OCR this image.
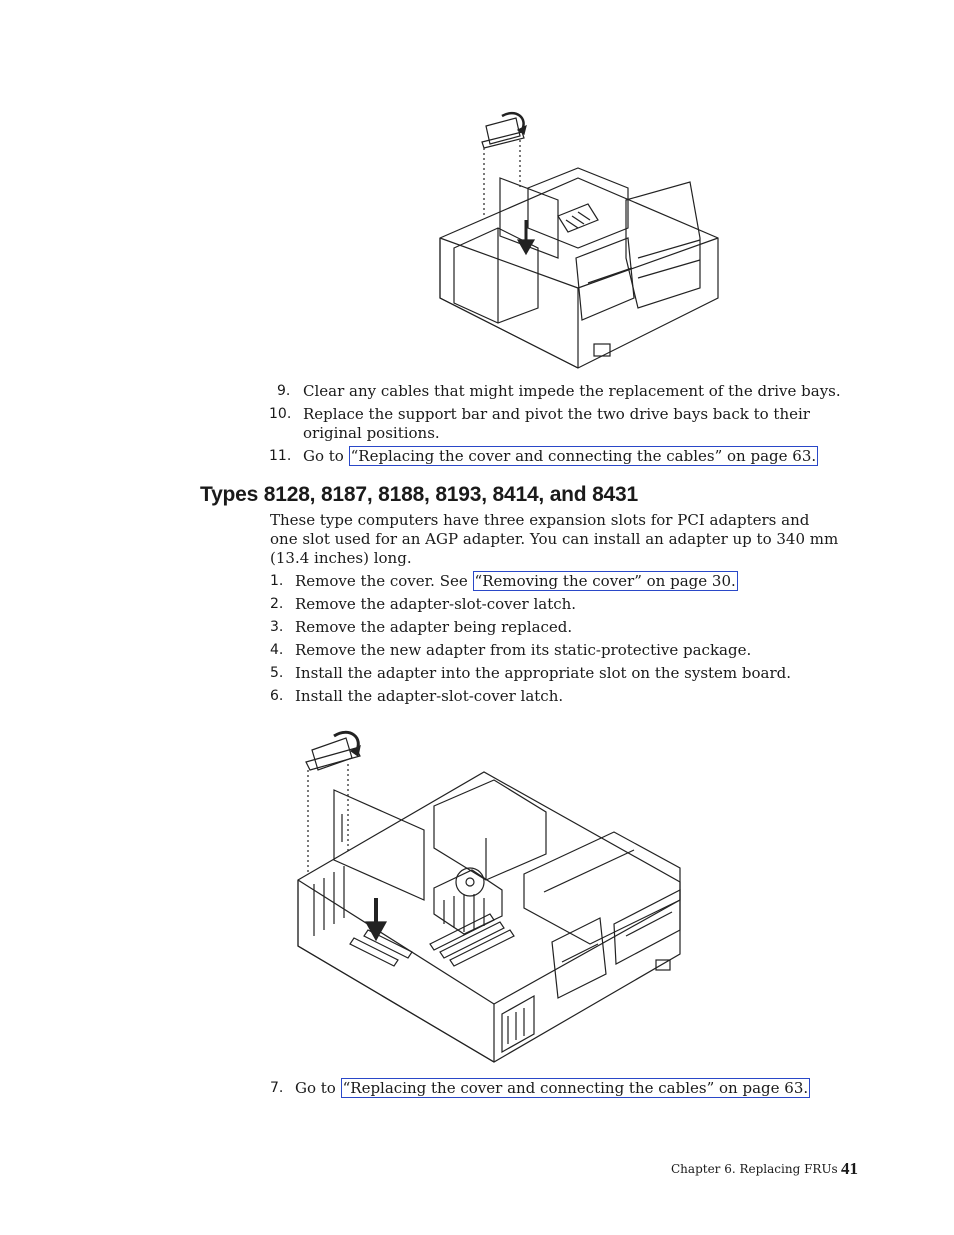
9. Clear any cables that might impede the replacement of the drive bays.
10. Replace the support bar and pivot the two drive bays back to their original positions.
11. Go to “Replacing the cover and connecting the cables” on page 63.
Types 8128, 8187, 8188, 8193, 8414, and 8431

These type computers have three expansion slots for PCI adapters and one slot used for an AGP adapter. You can install an adapter up to 340 mm (13.4 inches) long.

1. Remove the cover. See “Removing the cover” on page 30.
2. Remove the adapter-slot-cover latch.
3. Remove the adapter being replaced.
4. Remove the new adapter from its static-protective package.
5. Install the adapter into the appropriate slot on the system board.
6. Install the adapter-slot-cover latch.
7. Go to “Replacing the cover and connecting the cables” on page 63.
Chapter 6. Replacing FRUs 41
